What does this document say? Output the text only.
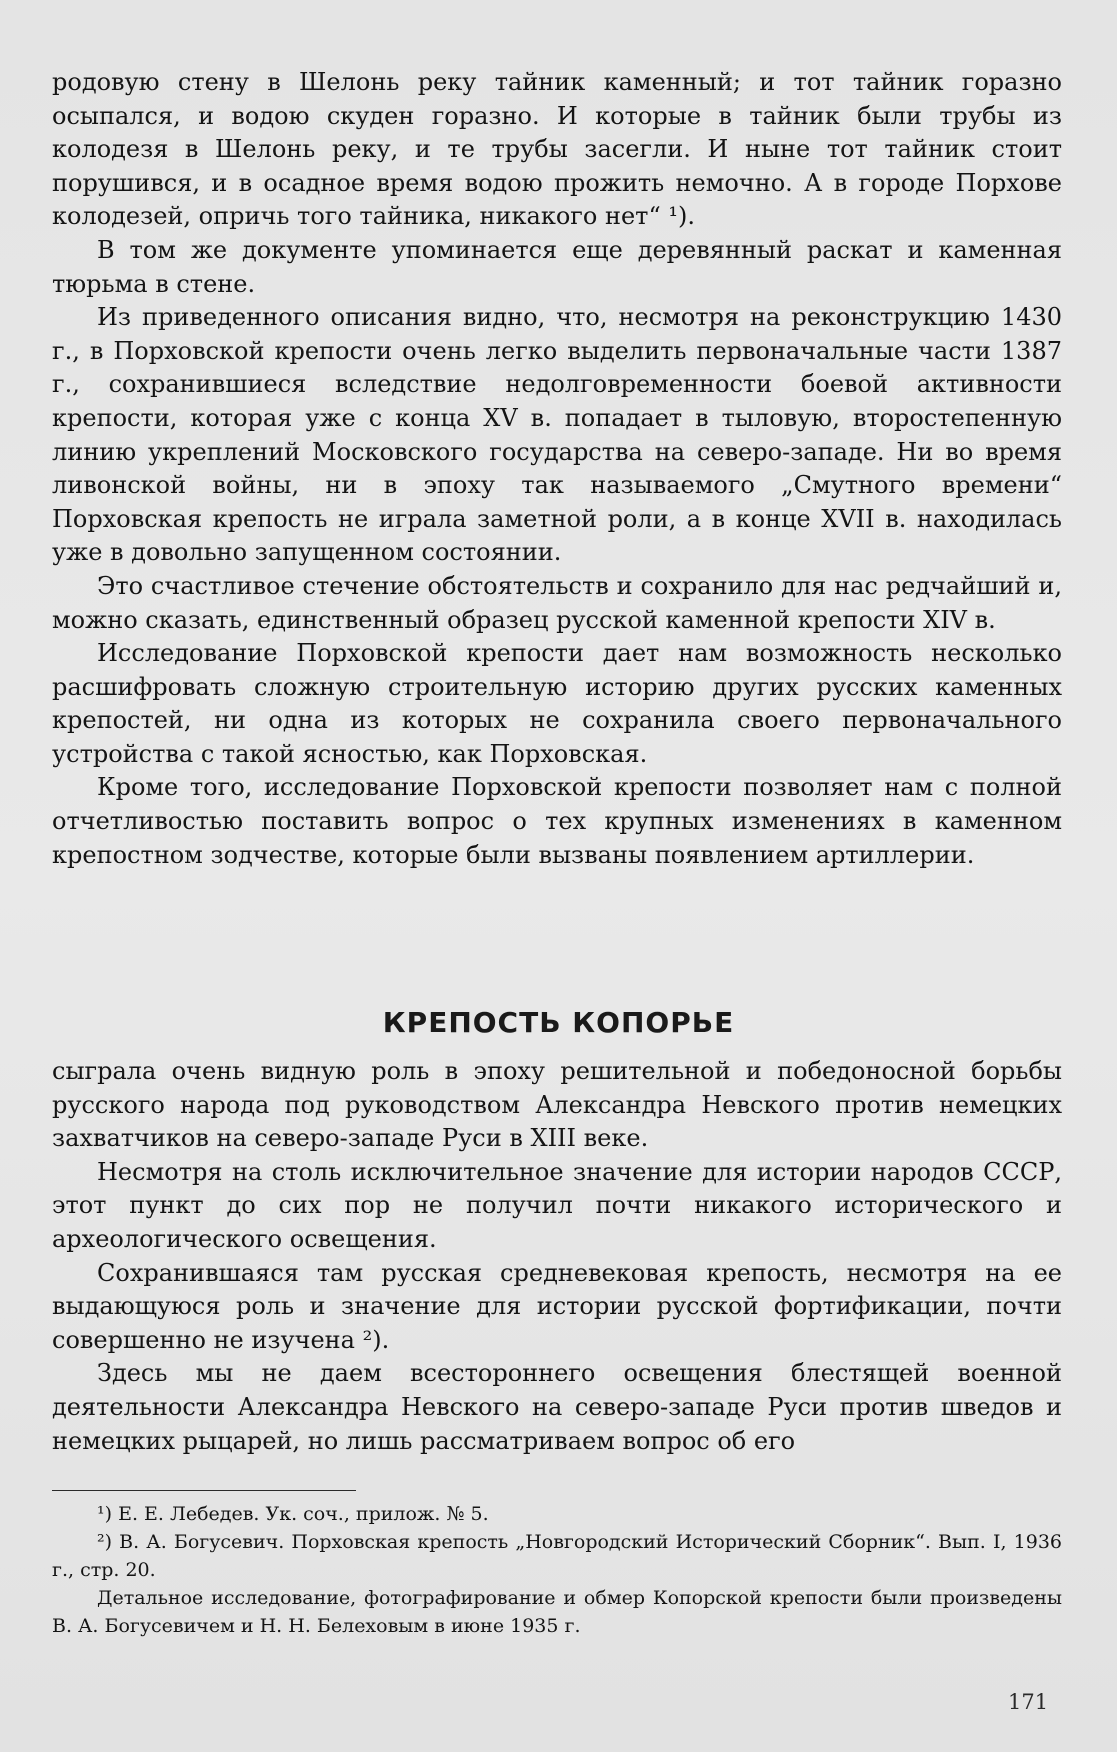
родовую стену в Шелонь реку тайник каменный; и тот тайник горазно осыпался, и водою скуден горазно. И которые в тайник были трубы из колодезя в Шелонь реку, и те трубы засегли. И ныне тот тайник стоит порушився, и в осадное время водою прожить немочно. А в городе Порхове колодезей, опричь того тайника, никакого нет“ ¹).

В том же документе упоминается еще деревянный раскат и каменная тюрьма в стене.

Из приведенного описания видно, что, несмотря на реконструкцию 1430 г., в Порховской крепости очень легко выделить первоначальные части 1387 г., сохранившиеся вследствие недолговременности боевой активности крепости, которая уже с конца XV в. попадает в тыловую, второстепенную линию укреплений Московского государства на северо-западе. Ни во время ливонской войны, ни в эпоху так называемого „Смутного времени“ Порховская крепость не играла заметной роли, а в конце XVII в. находилась уже в довольно запущенном состоянии.

Это счастливое стечение обстоятельств и сохранило для нас редчайший и, можно сказать, единственный образец русской каменной крепости XIV в.

Исследование Порховской крепости дает нам возможность несколько расшифровать сложную строительную историю других русских каменных крепостей, ни одна из которых не сохранила своего первоначального устройства с такой ясностью, как Порховская.

Кроме того, исследование Порховской крепости позволяет нам с полной отчетливостью поставить вопрос о тех крупных изменениях в каменном крепостном зодчестве, которые были вызваны появлением артиллерии.

КРЕПОСТЬ КОПОРЬЕ

сыграла очень видную роль в эпоху решительной и победоносной борьбы русского народа под руководством Александра Невского против немецких захватчиков на северо-западе Руси в XIII веке.

Несмотря на столь исключительное значение для истории народов СССР, этот пункт до сих пор не получил почти никакого исторического и археологического освещения.

Сохранившаяся там русская средневековая крепость, несмотря на ее выдающуюся роль и значение для истории русской фортификации, почти совершенно не изучена ²).

Здесь мы не даем всестороннего освещения блестящей военной деятельности Александра Невского на северо-западе Руси против шведов и немецких рыцарей, но лишь рассматриваем вопрос об его

¹) Е. Е. Лебедев. Ук. соч., прилож. № 5.

²) В. А. Богусевич. Порховская крепость „Новгородский Исторический Сборник“. Вып. I, 1936 г., стр. 20.

Детальное исследование, фотографирование и обмер Копорской крепости были произведены В. А. Богусевичем и Н. Н. Белеховым в июне 1935 г.

171
